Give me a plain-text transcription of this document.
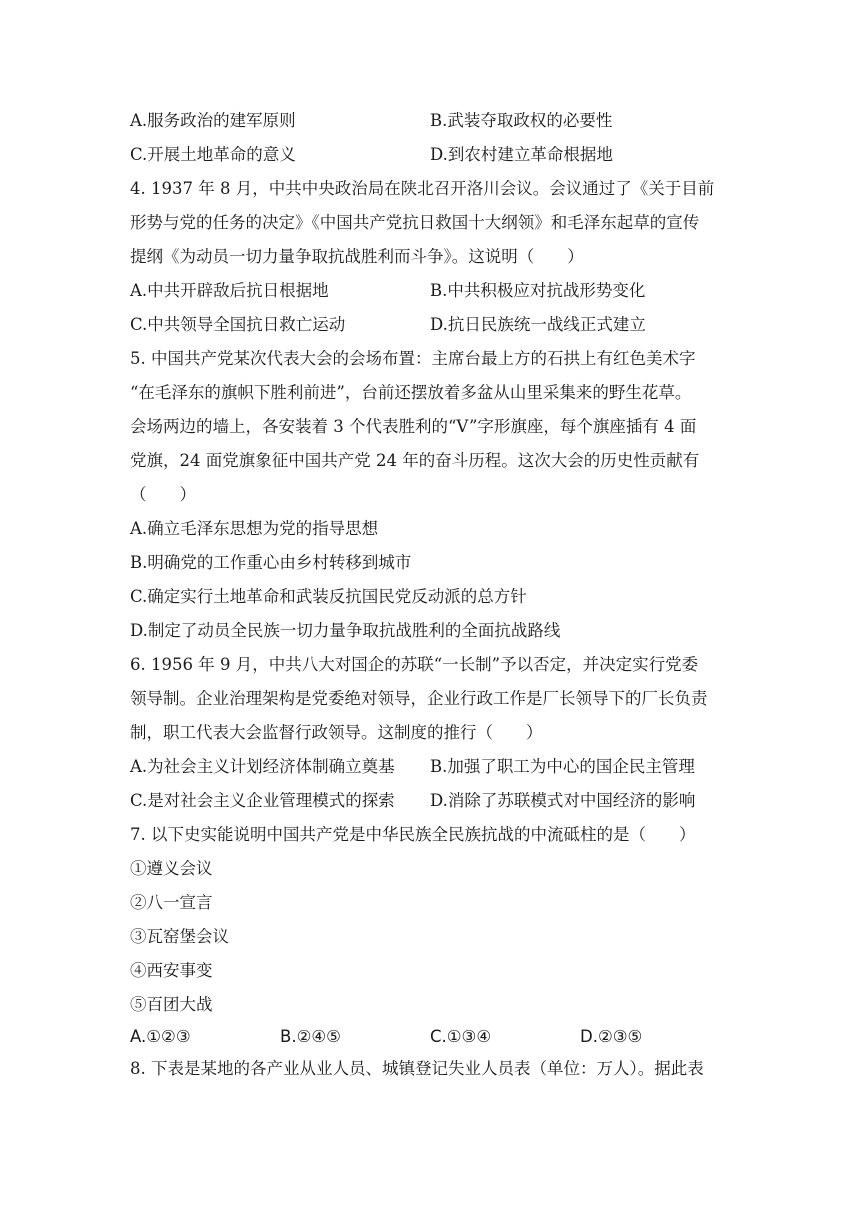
A.服务政治的建军原则	B.武装夺取政权的必要性
C.开展土地革命的意义	D.到农村建立革命根据地
4. 1937 年 8 月，中共中央政治局在陕北召开洛川会议。会议通过了《关于目前
形势与党的任务的决定》《中国共产党抗日救国十大纲领》和毛泽东起草的宣传
提纲《为动员一切力量争取抗战胜利而斗争》。这说明（　　）
A.中共开辟敌后抗日根据地	B.中共积极应对抗战形势变化
C.中共领导全国抗日救亡运动	D.抗日民族统一战线正式建立
5. 中国共产党某次代表大会的会场布置：主席台最上方的石拱上有红色美术字
“在毛泽东的旗帜下胜利前进”，台前还摆放着多盆从山里采集来的野生花草。
会场两边的墙上，各安装着 3 个代表胜利的“V”字形旗座，每个旗座插有 4 面
党旗，24 面党旗象征中国共产党 24 年的奋斗历程。这次大会的历史性贡献有
（　　）
A.确立毛泽东思想为党的指导思想
B.明确党的工作重心由乡村转移到城市
C.确定实行土地革命和武装反抗国民党反动派的总方针
D.制定了动员全民族一切力量争取抗战胜利的全面抗战路线
6. 1956 年 9 月，中共八大对国企的苏联“一长制”予以否定，并决定实行党委
领导制。企业治理架构是党委绝对领导，企业行政工作是厂长领导下的厂长负责
制，职工代表大会监督行政领导。这制度的推行（　　）
A.为社会主义计划经济体制确立奠基 B.加强了职工为中心的国企民主管理
C.是对社会主义企业管理模式的探索 D.消除了苏联模式对中国经济的影响
7. 以下史实能说明中国共产党是中华民族全民族抗战的中流砥柱的是（　　）
①遵义会议
②八一宣言
③瓦窑堡会议
④西安事变
⑤百团大战
A.①②③	B.②④⑤	C.①③④	D.②③⑤
8. 下表是某地的各产业从业人员、城镇登记失业人员表（单位：万人）。据此表
